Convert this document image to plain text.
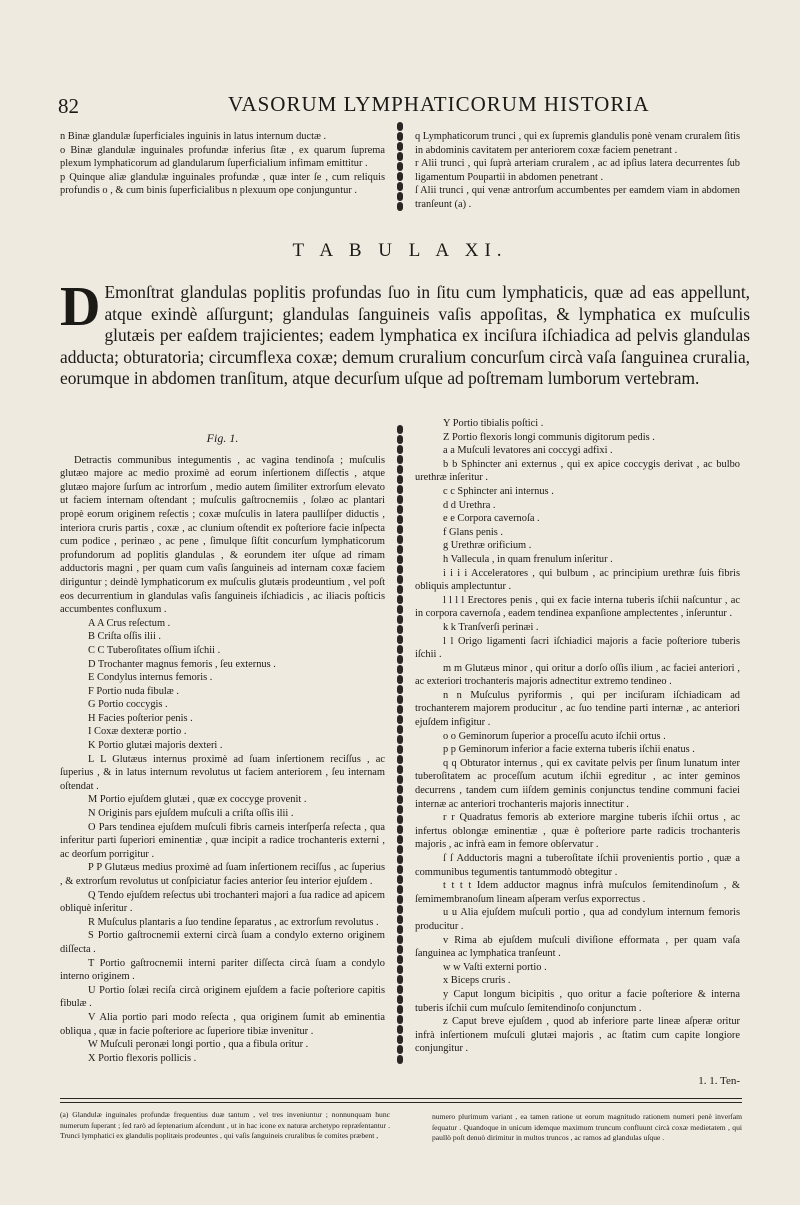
82	VASORUM LYMPHATICORUM HISTORIA

n Binæ glandulæ ſuperficiales inguinis in latus internum ductæ .

o Binæ glandulæ inguinales profundæ inferius ſitæ , ex quarum ſuprema plexum lymphaticorum ad glandularum ſuperficialium infimam emittitur .

p Quinque aliæ glandulæ inguinales profundæ , quæ inter ſe , cum reliquis profundis o , & cum binis ſuperficialibus n plexuum ope conjunguntur .

q Lymphaticorum trunci , qui ex ſupremis glandulis ponè venam cruralem ſitis in abdominis cavitatem per anteriorem coxæ faciem penetrant .

r Alii trunci , qui ſuprà arteriam cruralem , ac ad ipſius latera decurrentes ſub ligamentum Poupartii in abdomen penetrant .

ſ Alii trunci , qui venæ antrorſum accumbentes per eamdem viam in abdomen tranſeunt (a) .

T A B U L A XI.
D Emonſtrat glandulas poplitis profundas ſuo in ſitu cum lymphaticis, quæ ad eas appellunt, atque exindè aſſurgunt; glandulas ſanguineis vaſis appoſitas, & lymphatica ex muſculis glutæis per eaſdem trajicientes; eadem lymphatica ex inciſura iſchiadica ad pelvis glandulas adducta; obturatoria; circumflexa coxæ; demum cruralium concurſum circà vaſa ſanguinea cruralia, eorumque in abdomen tranſitum, atque decurſum uſque ad poſtremam lumborum vertebram.

Fig. 1.

Detractis communibus integumentis , ac vagina tendinoſa ; muſculis glutæo majore ac medio proximè ad eorum inſertionem diſſectis , atque glutæo majore ſurſum ac introrſum , medio autem ſimiliter extrorſum elevato ut faciem internam oſtendant ; muſculis gaſtrocnemiis , ſolæo ac plantari propè eorum originem reſectis ; coxæ muſculis in latera paulliſper diductis , interiora cruris partis , coxæ , ac clunium oſtendit ex poſteriore facie inſpecta cum podice , perinæo , ac pene , ſimulque ſiſtit concurſum lymphaticorum profundorum ad poplitis glandulas , & eorundem iter uſque ad rimam adductoris magni , per quam cum vaſis ſanguineis ad internam coxæ faciem diriguntur ; deindè lymphaticorum ex muſculis glutæis prodeuntium , vel poſt eos decurrentium in glandulas vaſis ſanguineis iſchiadicis , ac iliacis poſticis accumbentes confluxum .

A A Crus reſectum .

B Criſta oſſis ilii .

C C Tuberoſitates oſſium iſchii .

D Trochanter magnus femoris , ſeu externus .

E Condylus internus femoris .

F Portio nuda fibulæ .

G Portio coccygis .

H Facies poſterior penis .

I Coxæ dexteræ portio .

K Portio glutæi majoris dexteri .

L L Glutæus internus proximè ad ſuam inſertionem reciſſus , ac ſuperius , & in latus internum revolutus ut faciem anteriorem , ſeu internam oſtendat .

M Portio ejuſdem glutæi , quæ ex coccyge provenit .

N Originis pars ejuſdem muſculi a criſta oſſis ilii .

O Pars tendinea ejuſdem muſculi fibris carneis interſperſa reſecta , qua inferitur parti ſuperiori eminentiæ , quæ incipit a radice trochanteris externi , ac deorſum porrigitur .

P P Glutæus medius proximè ad ſuam inſertionem reciſſus , ac ſuperius , & extrorſum revolutus ut conſpiciatur facies anterior ſeu interior ejuſdem .

Q Tendo ejuſdem reſectus ubi trochanteri majori a ſua radice ad apicem obliquè inſeritur .

R Muſculus plantaris a ſuo tendine ſeparatus , ac extrorſum revolutus .

S Portio gaſtrocnemii externi circà ſuam a condylo externo originem diſſecta .

T Portio gaſtrocnemii interni pariter diſſecta circà ſuam a condylo interno originem .

U Portio ſolæi reciſa circà originem ejuſdem a facie poſteriore capitis fibulæ .

V Alia portio pari modo reſecta , qua originem ſumit ab eminentia obliqua , quæ in facie poſteriore ac ſuperiore tibiæ invenitur .

W Muſculi peronæi longi portio , qua a fibula oritur .

X Portio flexoris pollicis .

Y Portio tibialis poſtici .

Z Portio flexoris longi communis digitorum pedis .

a a Muſculi levatores ani coccygi adfixi .

b b Sphincter ani externus , qui ex apice coccygis derivat , ac bulbo urethræ inſeritur .

c c Sphincter ani internus .

d d Urethra .

e e Corpora cavernoſa .

f Glans penis .

g Urethræ orificium .

h Vallecula , in quam frenulum inſeritur .

i i i i Acceleratores , qui bulbum , ac principium urethræ ſuis fibris obliquis amplectuntur .

l l l l Erectores penis , qui ex facie interna tuberis iſchii naſcuntur , ac in corpora cavernoſa , eadem tendinea expanſione amplectentes , inſeruntur .

k k Tranſverſi perinæi .

l l Origo ligamenti ſacri iſchiadici majoris a facie poſteriore tuberis iſchii .

m m Glutæus minor , qui oritur a dorſo oſſis ilium , ac faciei anteriori , ac exteriori trochanteris majoris adnectitur extremo tendineo .

n n Muſculus pyriformis , qui per inciſuram iſchiadicam ad trochanterem majorem producitur , ac ſuo tendine parti internæ , ac anteriori ejuſdem infigitur .

o o Geminorum ſuperior a proceſſu acuto iſchii ortus .

p p Geminorum inferior a facie externa tuberis iſchii enatus .

q q Obturator internus , qui ex cavitate pelvis per ſinum lunatum inter tuberoſitatem ac proceſſum acutum iſchii egreditur , ac inter geminos decurrens , tandem cum iiſdem geminis conjunctus tendine communi faciei internæ ac anteriori trochanteris majoris innectitur .

r r Quadratus femoris ab exteriore margine tuberis iſchii ortus , ac infertus oblongæ eminentiæ , quæ è poſteriore parte radicis trochanteris majoris , ac infrà eam in femore obſervatur .

ſ ſ Adductoris magni a tuberoſitate iſchii provenientis portio , quæ a communibus tegumentis tantummodò obtegitur .

t t t t Idem adductor magnus infrà muſculos ſemitendinoſum , & ſemimembranoſum lineam aſperam verſus exporrectus .

u u Alia ejuſdem muſculi portio , qua ad condylum internum femoris producitur .

v Rima ab ejuſdem muſculi diviſione efformata , per quam vaſa ſanguinea ac lymphatica tranſeunt .

w w Vaſti externi portio .

x Biceps cruris .

y Caput longum bicipitis , quo oritur a facie poſteriore & interna tuberis iſchii cum muſculo ſemitendinoſo conjunctum .

z Caput breve ejuſdem , quod ab inferiore parte lineæ aſperæ oritur infrà inſertionem muſculi glutæi majoris , ac ſtatim cum capite longiore conjungitur .

1. 1. Ten-

(a) Glandulæ inguinales profundæ frequentius duæ tantum , vel tres inveniuntur ; nonnunquam hunc numerum ſuperant ; ſed rarò ad ſeptenarium aſcendunt , ut in hac icone ex naturæ archetypo repræſentantur . Trunci lymphatici ex glandulis poplitæis prodeuntes , qui vaſis ſanguineis cruralibus ſe comites præbent ,

numero plurimum variant , ea tamen ratione ut eorum magnitudo rationem numeri penè inverſam ſequatur . Quandoque in unicum idemque maximum truncum confluunt circà coxæ medietatem , qui paullò poſt denuò dirimitur in multos truncos , ac ramos ad glandulas uſque .
